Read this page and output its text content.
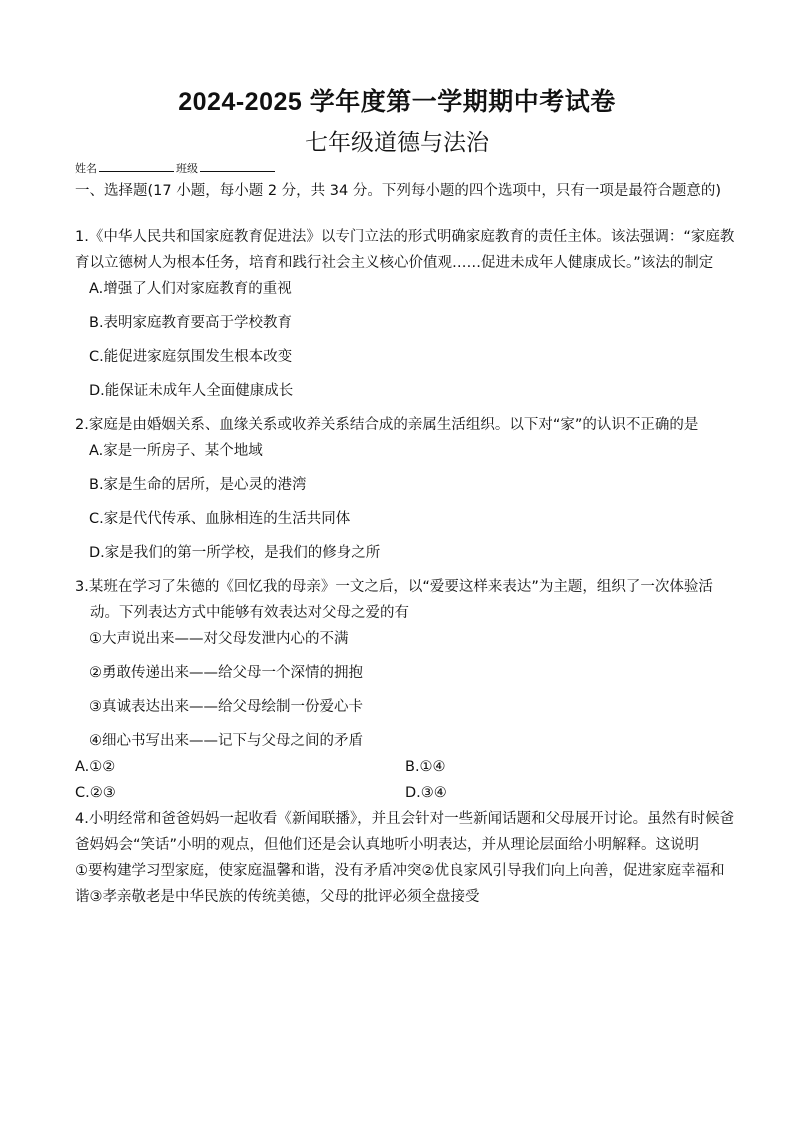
2024-2025 学年度第一学期期中考试卷
七年级道德与法治
姓名	班级

一、选择题(17 小题，每小题 2 分，共 34 分。下列每小题的四个选项中，只有一项是最符合题意的)

1.《中华人民共和国家庭教育促进法》以专门立法的形式明确家庭教育的责任主体。该法强调：“家庭教育以立德树人为根本任务，培育和践行社会主义核心价值观……促进未成年人健康成长。”该法的制定

A.增强了人们对家庭教育的重视

B.表明家庭教育要高于学校教育

C.能促进家庭氛围发生根本改变

D.能保证未成年人全面健康成长

2.家庭是由婚姻关系、血缘关系或收养关系结合成的亲属生活组织。以下对“家”的认识不正确的是

A.家是一所房子、某个地域

B.家是生命的居所，是心灵的港湾

C.家是代代传承、血脉相连的生活共同体

D.家是我们的第一所学校，是我们的修身之所

3.某班在学习了朱德的《回忆我的母亲》一文之后，以“爱要这样来表达”为主题，组织了一次体验活动。下列表达方式中能够有效表达对父母之爱的有

①大声说出来——对父母发泄内心的不满

②勇敢传递出来——给父母一个深情的拥抱

③真诚表达出来——给父母绘制一份爱心卡

④细心书写出来——记下与父母之间的矛盾

A.①②	B.①④
C.②③	D.③④

4.小明经常和爸爸妈妈一起收看《新闻联播》，并且会针对一些新闻话题和父母展开讨论。虽然有时候爸爸妈妈会“笑话”小明的观点，但他们还是会认真地听小明表达，并从理论层面给小明解释。这说明

①要构建学习型家庭，使家庭温馨和谐，没有矛盾冲突②优良家风引导我们向上向善，促进家庭幸福和谐③孝亲敬老是中华民族的传统美德，父母的批评必须全盘接受
